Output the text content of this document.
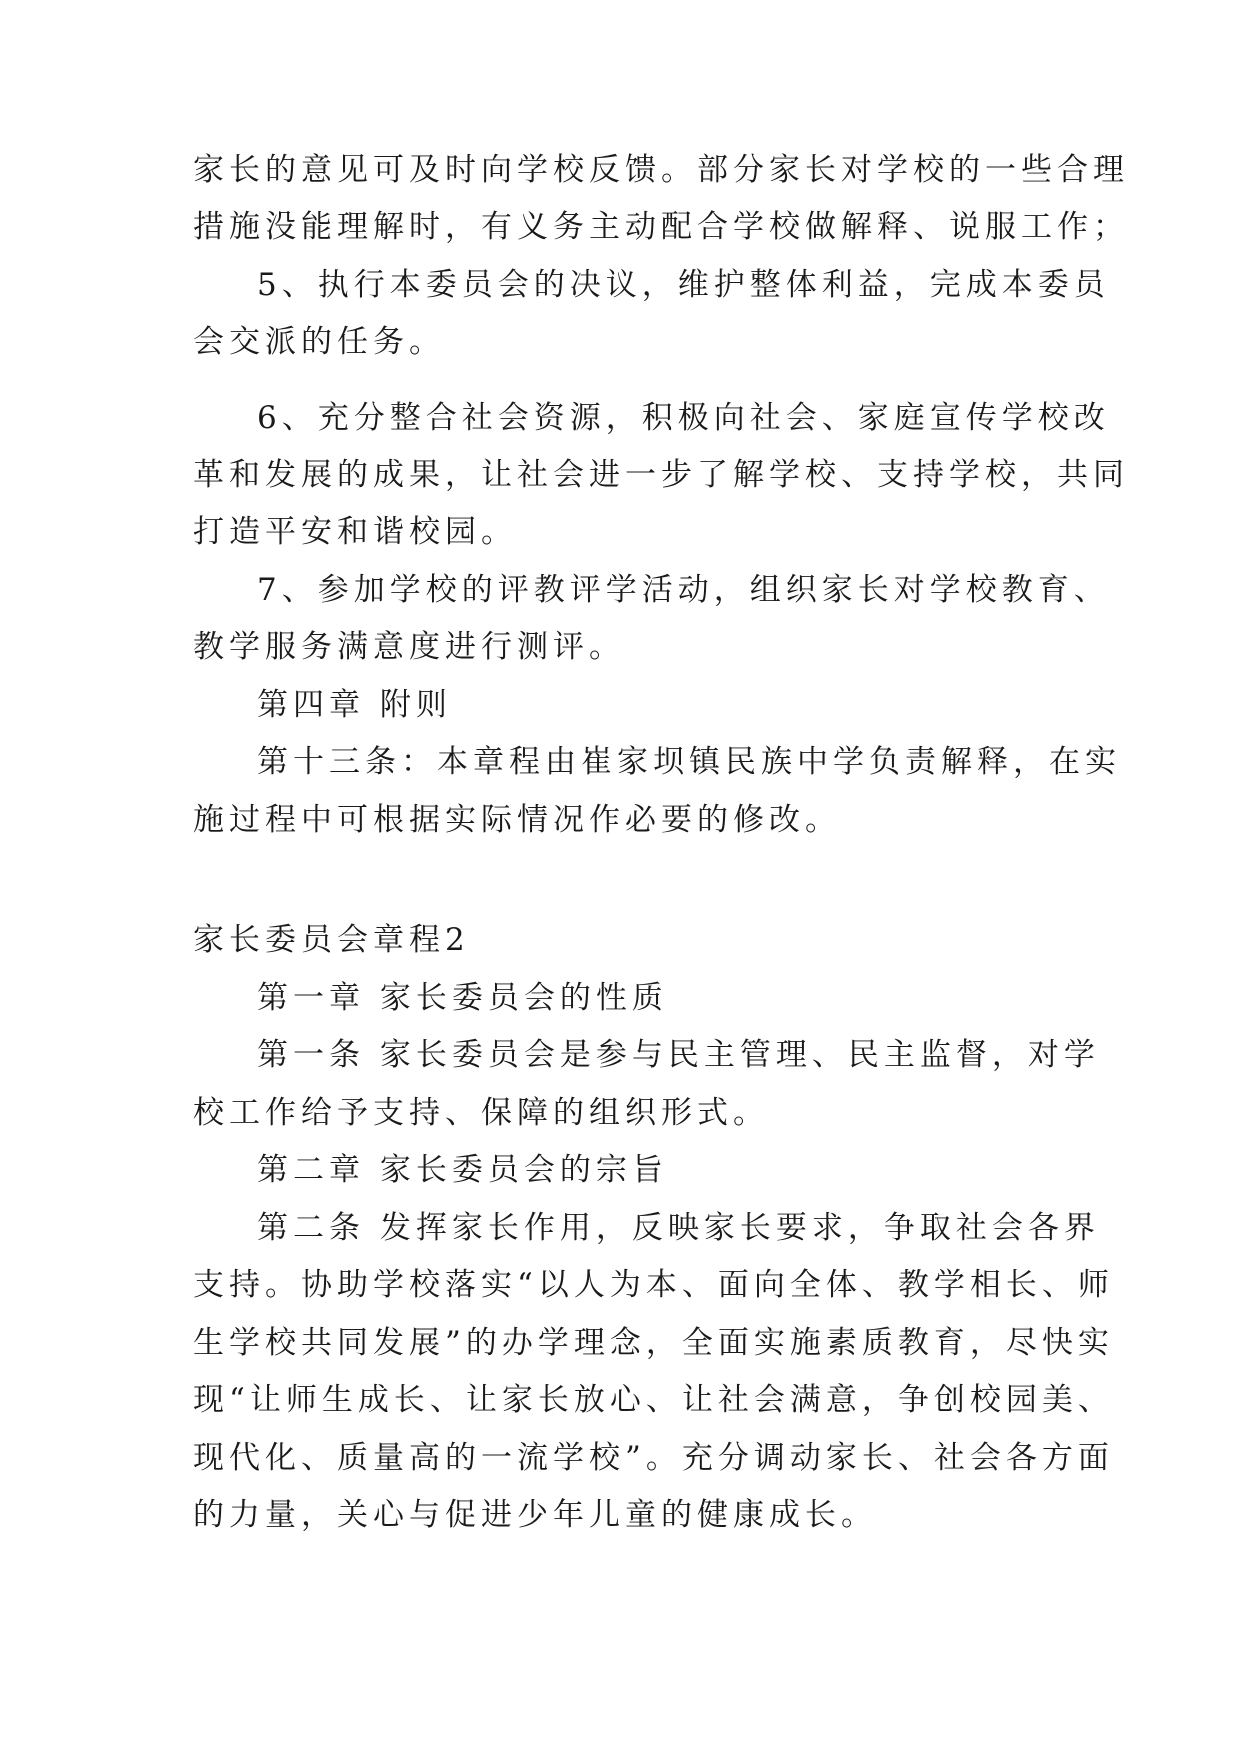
家长的意见可及时向学校反馈。部分家长对学校的一些合理
措施没能理解时，有义务主动配合学校做解释、说服工作；
5、执行本委员会的决议，维护整体利益，完成本委员
会交派的任务。
6、充分整合社会资源，积极向社会、家庭宣传学校改
革和发展的成果，让社会进一步了解学校、支持学校，共同
打造平安和谐校园。
7、参加学校的评教评学活动，组织家长对学校教育、
教学服务满意度进行测评。
第四章 附则
第十三条：本章程由崔家坝镇民族中学负责解释，在实
施过程中可根据实际情况作必要的修改。
家长委员会章程2
第一章 家长委员会的性质
第一条 家长委员会是参与民主管理、民主监督，对学
校工作给予支持、保障的组织形式。
第二章 家长委员会的宗旨
第二条 发挥家长作用，反映家长要求，争取社会各界
支持。协助学校落实“以人为本、面向全体、教学相长、师
生学校共同发展”的办学理念，全面实施素质教育，尽快实
现“让师生成长、让家长放心、让社会满意，争创校园美、
现代化、质量高的一流学校”。充分调动家长、社会各方面
的力量，关心与促进少年儿童的健康成长。
